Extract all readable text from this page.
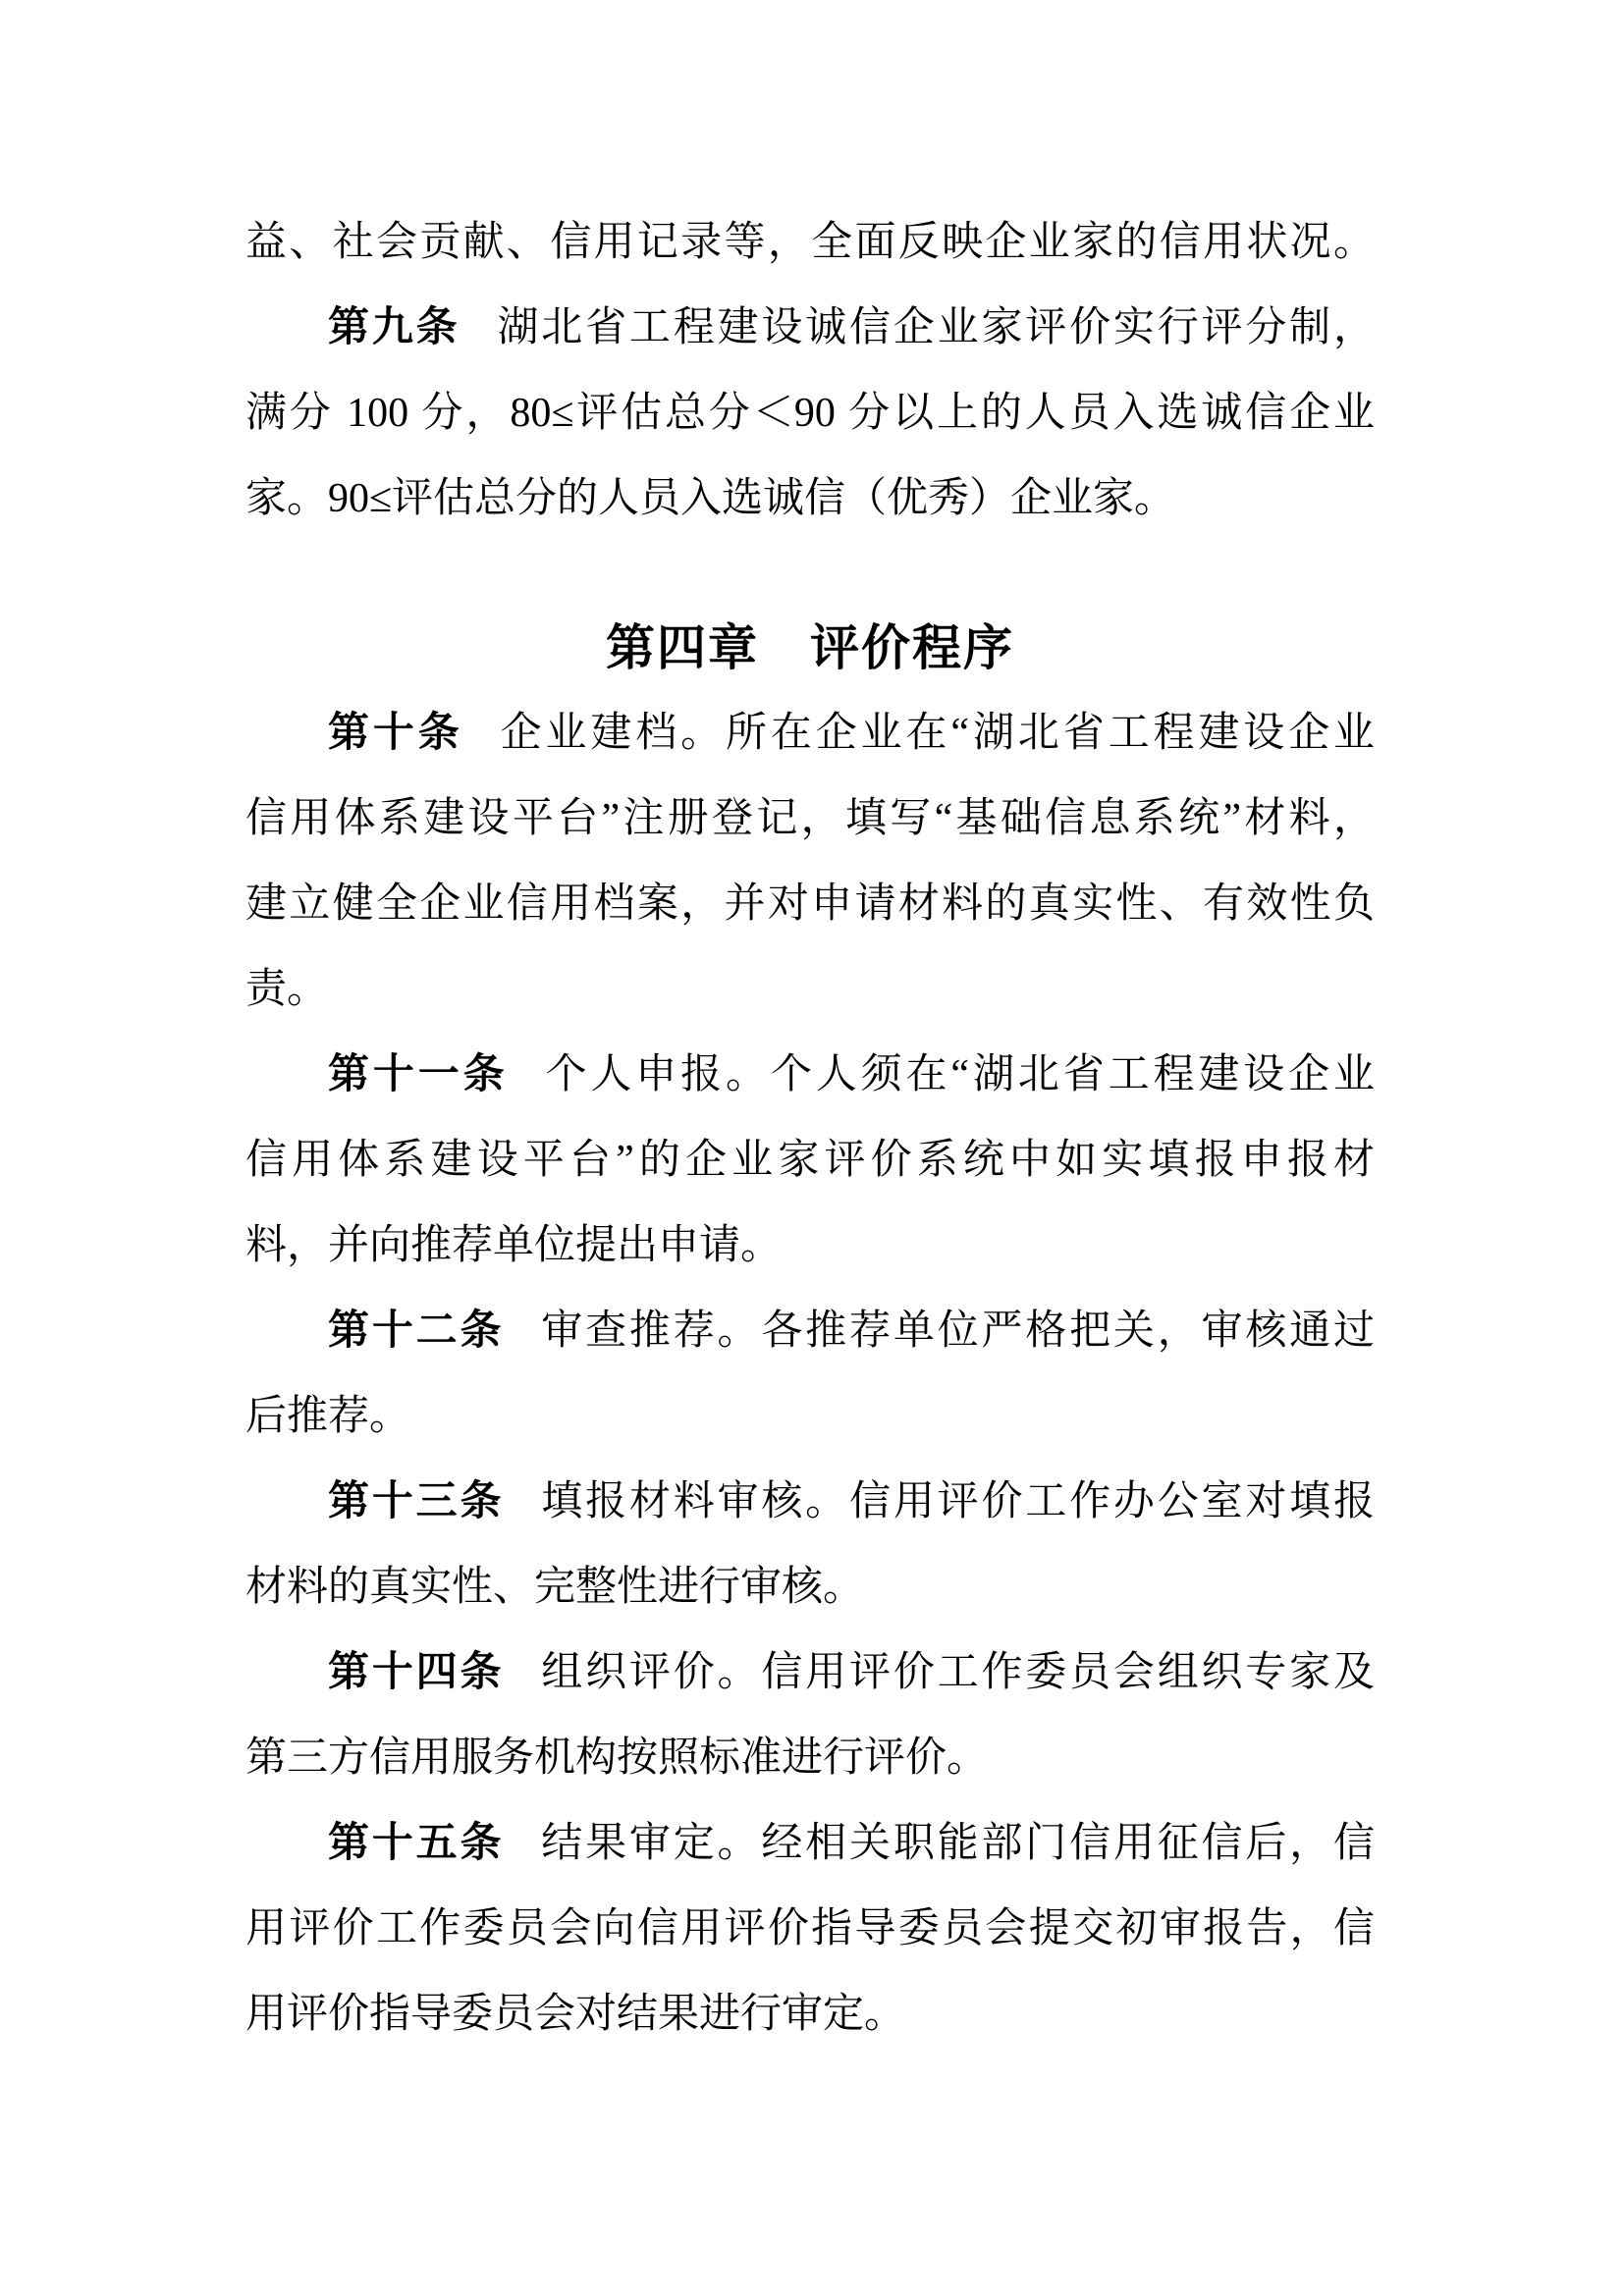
益、社会贡献、信用记录等，全面反映企业家的信用状况。
第九条 湖北省工程建设诚信企业家评价实行评分制，
满分 100 分，80≤评估总分＜90 分以上的人员入选诚信企业
家。90≤评估总分的人员入选诚信（优秀）企业家。
第四章　评价程序
第十条 企业建档。所在企业在“湖北省工程建设企业
信用体系建设平台”注册登记，填写“基础信息系统”材料，
建立健全企业信用档案，并对申请材料的真实性、有效性负
责。
第十一条 个人申报。个人须在“湖北省工程建设企业
信用体系建设平台”的企业家评价系统中如实填报申报材
料，并向推荐单位提出申请。
第十二条 审查推荐。各推荐单位严格把关，审核通过
后推荐。
第十三条 填报材料审核。信用评价工作办公室对填报
材料的真实性、完整性进行审核。
第十四条 组织评价。信用评价工作委员会组织专家及
第三方信用服务机构按照标准进行评价。
第十五条 结果审定。经相关职能部门信用征信后，信
用评价工作委员会向信用评价指导委员会提交初审报告，信
用评价指导委员会对结果进行审定。
